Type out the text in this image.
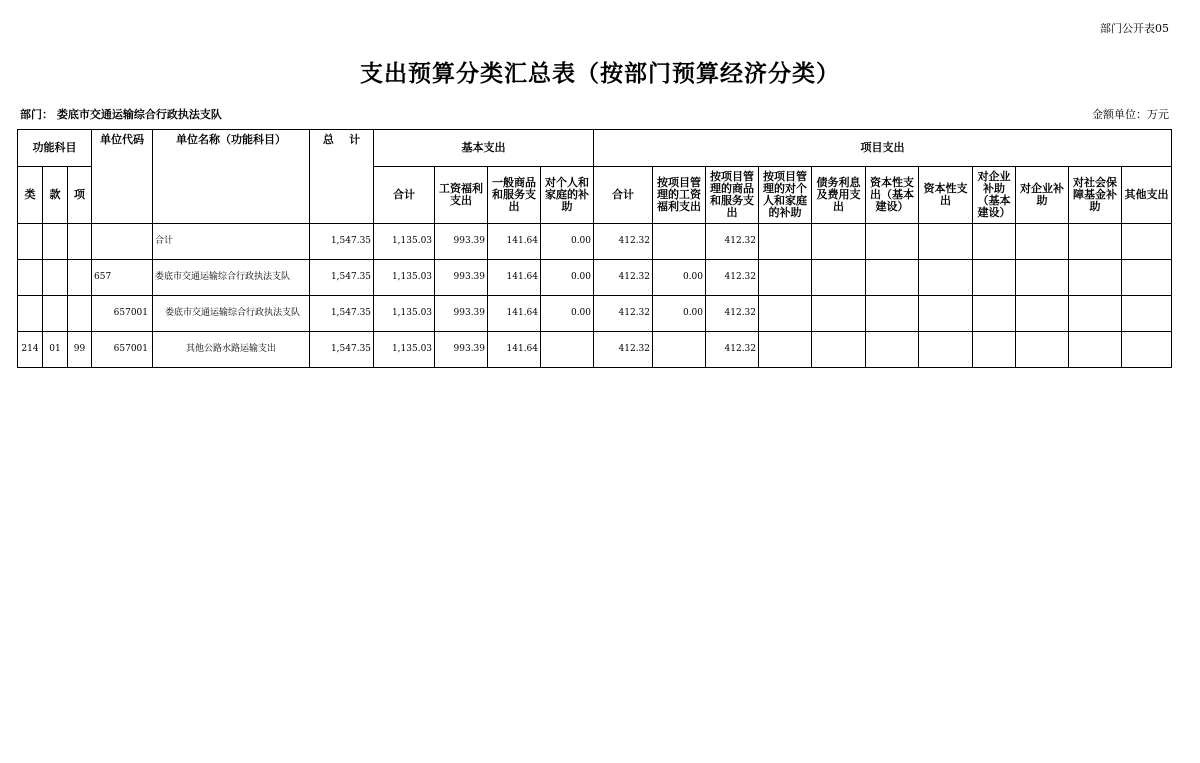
部门公开表05
支出预算分类汇总表（按部门预算经济分类）
部门： 娄底市交通运输综合行政执法支队	金额单位：万元
功能科目			单位代码	单位名称（功能科目）	总    计	基本支出				项目支出										
类	款	项				合计	工资福利支出	一般商品和服务支出	对个人和家庭的补助	合计	按项目管理的工资福利支出	按项目管理的商品和服务支出	按项目管理的对个人和家庭的补助	债务利息及费用支出	资本性支出（基本建设）	资本性支出	对企业补助（基本建设）	对企业补助	对社会保障基金补助	其他支出
				合计	1,547.35	1,135.03	993.39	141.64	0.00	412.32		412.32								
			657	娄底市交通运输综合行政执法支队	1,547.35	1,135.03	993.39	141.64	0.00	412.32	0.00	412.32								
			657001	娄底市交通运输综合行政执法支队	1,547.35	1,135.03	993.39	141.64	0.00	412.32	0.00	412.32								
214	01	99	657001	其他公路水路运输支出	1,547.35	1,135.03	993.39	141.64		412.32		412.32								
